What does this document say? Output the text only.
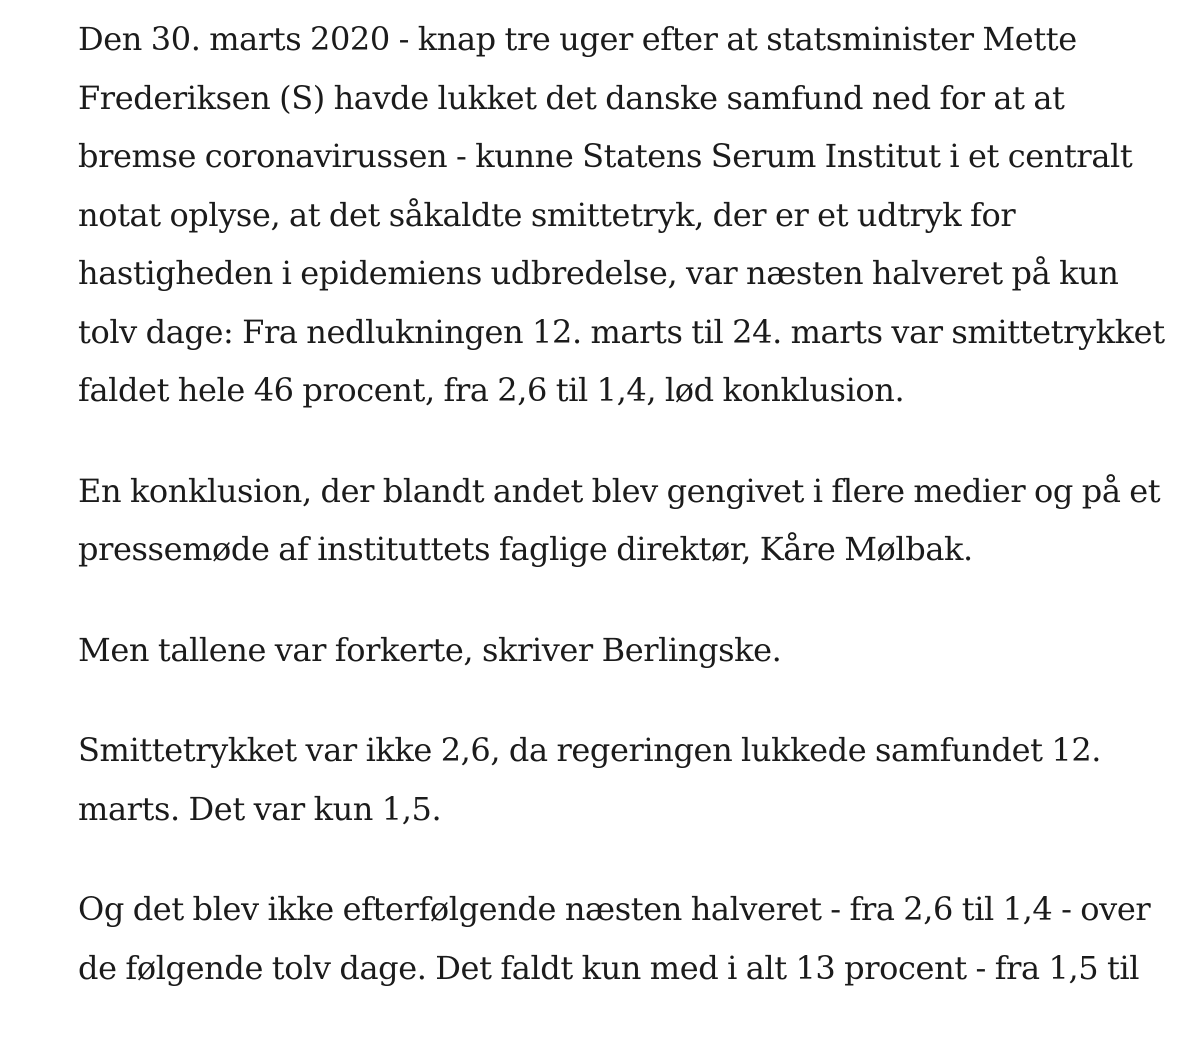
Den 30. marts 2020 - knap tre uger efter at statsminister Mette
Frederiksen (S) havde lukket det danske samfund ned for at at
bremse coronavirussen - kunne Statens Serum Institut i et centralt
notat oplyse, at det såkaldte smittetryk, der er et udtryk for
hastigheden i epidemiens udbredelse, var næsten halveret på kun
tolv dage: Fra nedlukningen 12. marts til 24. marts var smittetrykket
faldet hele 46 procent, fra 2,6 til 1,4, lød konklusion.

En konklusion, der blandt andet blev gengivet i flere medier og på et
pressemøde af instituttets faglige direktør, Kåre Mølbak.

Men tallene var forkerte, skriver Berlingske.

Smittetrykket var ikke 2,6, da regeringen lukkede samfundet 12.
marts. Det var kun 1,5.

Og det blev ikke efterfølgende næsten halveret - fra 2,6 til 1,4 - over
de følgende tolv dage. Det faldt kun med i alt 13 procent - fra 1,5 til
